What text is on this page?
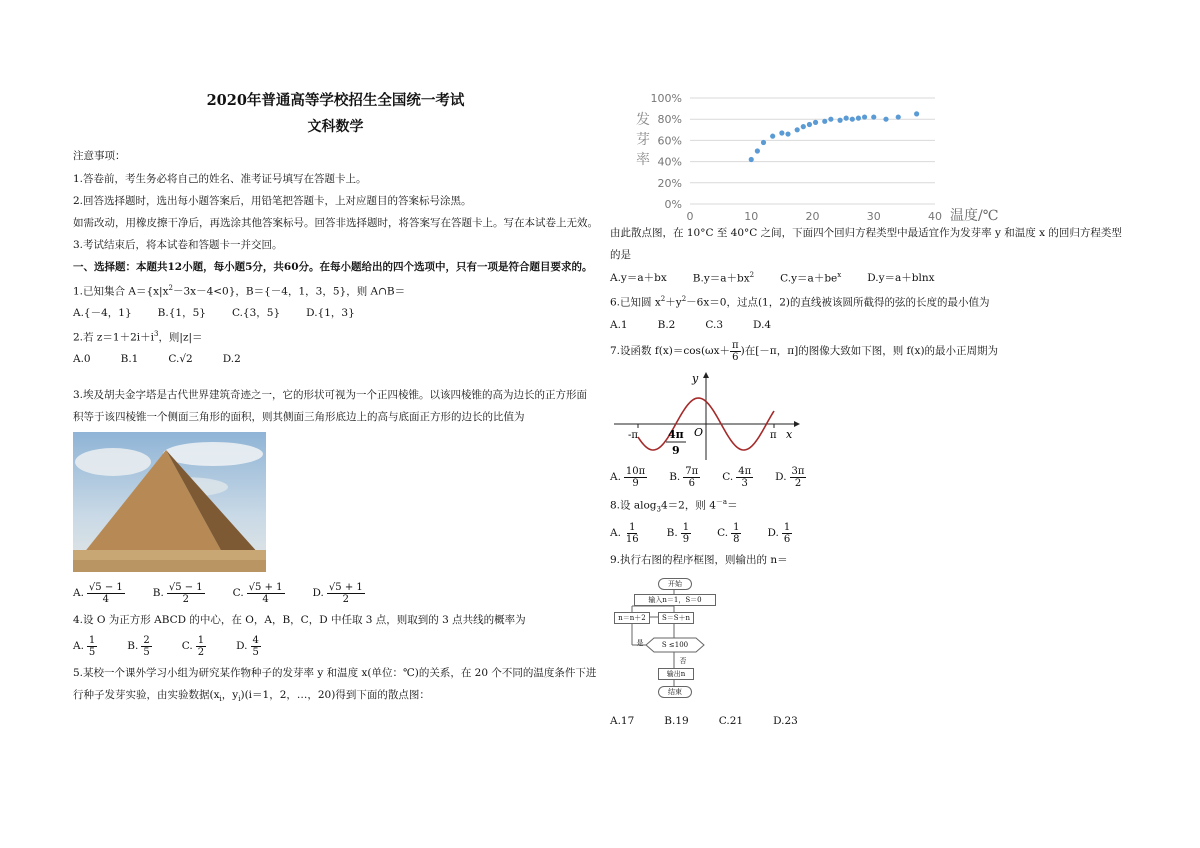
2020年普通高等学校招生全国统一考试

文科数学

注意事项：

1.答卷前，考生务必将自己的姓名、准考证号填写在答题卡上。

2.回答选择题时，选出每小题答案后，用铅笔把答题卡，上对应题目的答案标号涂黑。

如需改动，用橡皮擦干净后，再选涂其他答案标号。回答非选择题时，将答案写在答题卡上。写在本试卷上无效。

3.考试结束后，将本试卷和答题卡一并交回。

一、选择题：本题共12小题，每小题5分，共60分。在每小题给出的四个选项中，只有一项是符合题目要求的。

1.已知集合 $A=\{x|x^2-3x-4<0\}$，B＝{－4，1，3，5}，则 A∩B＝

A.{－4，1} B.{1，5} C.{3，5} D.{1，3}

2.若 $z=1+2i+i^3$，则|z|＝

A.0	B.1	C.√2	D.2

3.埃及胡夫金字塔是古代世界建筑奇迹之一，它的形状可视为一个正四棱锥。以该四棱锥的高为边长的正方形面

积等于该四棱锥一个侧面三角形的面积，则其侧面三角形底边上的高与底面正方形的边长的比值为

A. $\frac{√5 - 1}{4}$	B. $\frac{√5 - 1}{2}$	C. $\frac{√5 + 1}{4}$	D. $\frac{√5 + 1}{2}$

4.设 O 为正方形 ABCD 的中心，在 O，A，B，C，D 中任取 3 点，则取到的 3 点共线的概率为

A. $\frac{1}{5}$	B. $\frac{2}{5}$	C. $\frac{1}{2}$	D. $\frac{4}{5}$

5.某校一个课外学习小组为研究某作物种子的发芽率 y 和温度 x(单位：℃)的关系，在 20 个不同的温度条件下进

行种子发芽实验，由实验数据($x_i$，$y_i)(i=1$，2，…，20)得到下面的散点图：

0%
20%
40%
60%
80%
100%
0	10	20	30	40
发芽率
温度/℃

由此散点图，在 10°C 至 40°C 之间，下面四个回归方程类型中最适宜作为发芽率 y 和温度 x 的回归方程类型

的是

A.y＝a＋bx $B.y=a+bx^2$ $C.y=a+be^x$ D.y＝a＋blnx

6.已知圆 $x^2+y^2-6x=0$，过点(1，2)的直线被该圆所截得的弦的长度的最小值为

A.1	B.2	C.3	D.4

7.设函数 $f(x)=\cos(\omega x+ \frac{\pi}{6}$ )在[－π，π]的图像大致如下图，则 f(x)的最小正周期为

y
x
O
-π	π
4π
9
A. $\frac{10\pi}{9} B$. $\frac{7\pi}{6} C$. $\frac{4\pi}{3} D$. $\frac{3\pi}{2}$

8.设 alog$_3$4＝2，则 $4^{-a}=$

A. $\frac{1}{16} B$. $\frac{1}{9} C$. $\frac{1}{8} D$. $\frac{1}{6}$

9.执行右图的程序框图，则输出的 n＝

开始
输入n＝1，S＝0
n＝n＋2	S＝S＋n
S ≤100
是
否
输出n
结束
A.17	B.19	C.21	D.23
